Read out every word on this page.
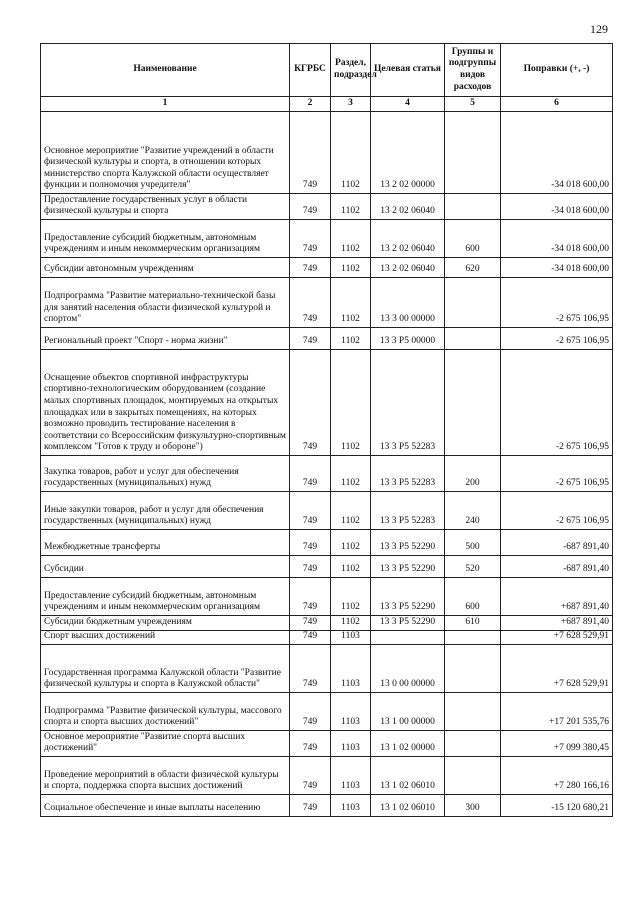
129
Наименование	КГРБС	Раздел, подраздел	Целевая статья	Группы и подгруппы видов расходов	Поправки (+, -)
1	2	3	4	5	6
Основное мероприятие "Развитие учреждений в области физической культуры и спорта, в отношении которых министерство спорта Калужской области осуществляет функции и полномочия учредителя"	749	1102	13 2 02 00000		-34 018 600,00
Предоставление государственных услуг в области физической культуры и спорта	749	1102	13 2 02 06040		-34 018 600,00
Предоставление субсидий бюджетным, автономным учреждениям и иным некоммерческим организациям	749	1102	13 2 02 06040	600	-34 018 600,00
Субсидии автономным учреждениям	749	1102	13 2 02 06040	620	-34 018 600,00
Подпрограмма "Развитие материально-технической базы для занятий населения области физической культурой и спортом"	749	1102	13 3 00 00000		-2 675 106,95
Региональный проект "Спорт - норма жизни"	749	1102	13 3 P5 00000		-2 675 106,95
Оснащение объектов спортивной инфраструктуры спортивно-технологическим оборудованием (создание малых спортивных площадок, монтируемых на открытых площадках или в закрытых помещениях, на которых возможно проводить тестирование населения в соответствии со Всероссийским физкультурно-спортивным комплексом "Готов к труду и обороне")	749	1102	13 3 P5 52283		-2 675 106,95
Закупка товаров, работ и услуг для обеспечения государственных (муниципальных) нужд	749	1102	13 3 P5 52283	200	-2 675 106,95
Иные закупки товаров, работ и услуг для обеспечения государственных (муниципальных) нужд	749	1102	13 3 P5 52283	240	-2 675 106,95
Межбюджетные трансферты	749	1102	13 3 P5 52290	500	-687 891,40
Субсидии	749	1102	13 3 P5 52290	520	-687 891,40
Предоставление субсидий бюджетным, автономным учреждениям и иным некоммерческим организациям	749	1102	13 3 P5 52290	600	+687 891,40
Субсидии бюджетным учреждениям	749	1102	13 3 P5 52290	610	+687 891,40
Спорт высших достижений	749	1103			+7 628 529,91
Государственная программа Калужской области "Развитие физической культуры и спорта в Калужской области"	749	1103	13 0 00 00000		+7 628 529,91
Подпрограмма "Развитие физической культуры, массового спорта и спорта высших достижений"	749	1103	13 1 00 00000		+17 201 535,76
Основное мероприятие "Развитие спорта высших достижений"	749	1103	13 1 02 00000		+7 099 380,45
Проведение мероприятий в области физической культуры и спорта, поддержка спорта высших достижений	749	1103	13 1 02 06010		+7 280 166,16
Социальное обеспечение и иные выплаты населению	749	1103	13 1 02 06010	300	-15 120 680,21
